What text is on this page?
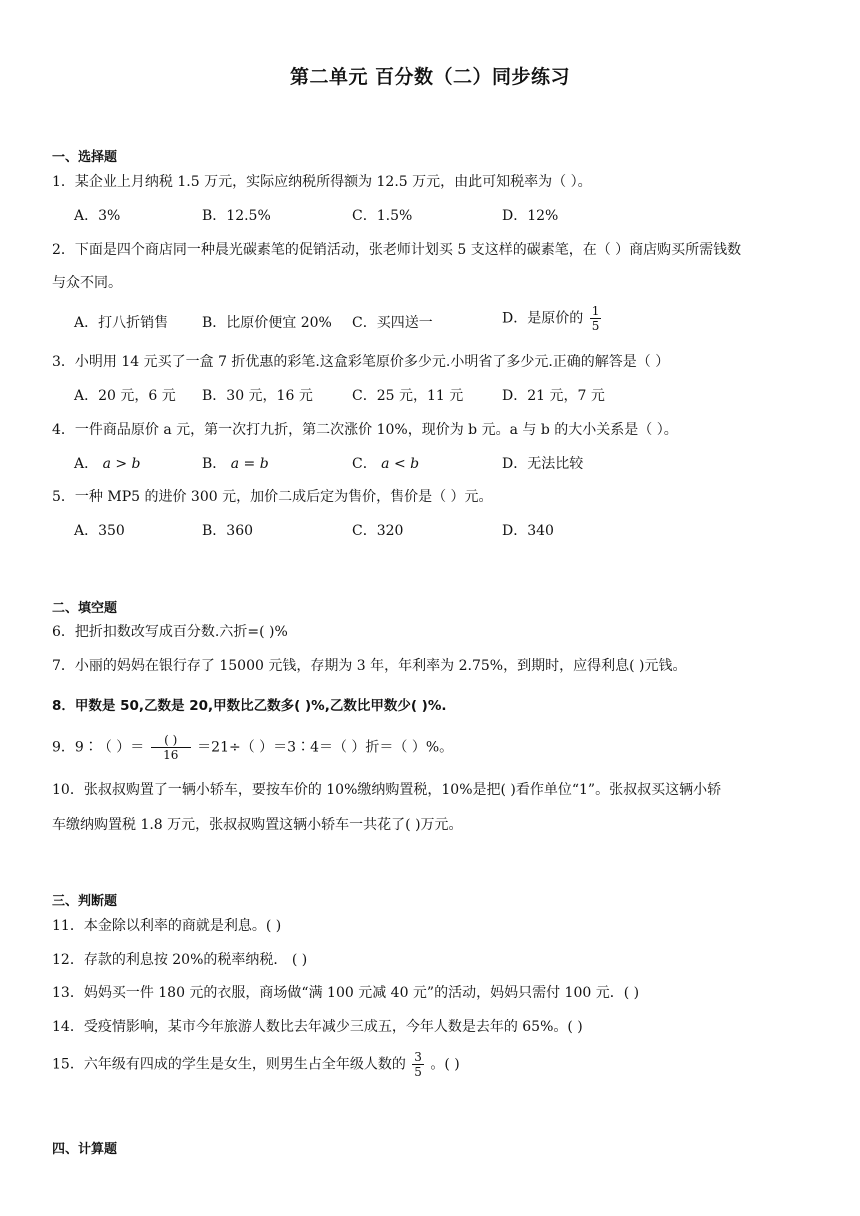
第二单元 百分数（二）同步练习
一、选择题
1．某企业上月纳税 1.5 万元，实际应纳税所得额为 12.5 万元，由此可知税率为（ ）。
A．3%	B．12.5%	C．1.5%	D．12%
2．下面是四个商店同一种晨光碳素笔的促销活动，张老师计划买 5 支这样的碳素笔，在（ ）商店购买所需钱数
与众不同。
A．打八折销售 B．比原价便宜 20% C．买四送一	D．是原价的 $\frac{1}{5}$
3．小明用 14 元买了一盒 7 折优惠的彩笔.这盒彩笔原价多少元.小明省了多少元.正确的解答是（ ）
A．20 元，6 元 B．30 元，16 元	C．25 元，11 元	D．21 元，7 元
4．一件商品原价 a 元，第一次打九折，第二次涨价 10%，现价为 b 元。a 与 b 的大小关系是（ ）。
A． a > b	B． a = b	C． a < b	D．无法比较
5．一种 MP5 的进价 300 元，加价二成后定为售价，售价是（ ）元。
A．350	B．360	C．320	D．340
二、填空题
6．把折扣数改写成百分数.六折=( )%
7．小丽的妈妈在银行存了 15000 元钱，存期为 3 年，年利率为 2.75%，到期时，应得利息( )元钱。
8．甲数是 50,乙数是 20,甲数比乙数多( )%,乙数比甲数少( )%.
9．9∶（ ）＝ $\frac{( )}{16} =21\div$（ ）＝3∶4＝（ ）折＝（ ）%。
10．张叔叔购置了一辆小轿车，要按车价的 10%缴纳购置税，10%是把( )看作单位“1”。张叔叔买这辆小轿
车缴纳购置税 1.8 万元，张叔叔购置这辆小轿车一共花了( )万元。
三、判断题
11．本金除以利率的商就是利息。( )
12．存款的利息按 20%的税率纳税． ( )
13．妈妈买一件 180 元的衣服，商场做“满 100 元减 40 元”的活动，妈妈只需付 100 元．( )
14．受疫情影响，某市今年旅游人数比去年减少三成五，今年人数是去年的 65%。( )
15．六年级有四成的学生是女生，则男生占全年级人数的 $\frac{3}{5}$ 。( )
四、计算题
